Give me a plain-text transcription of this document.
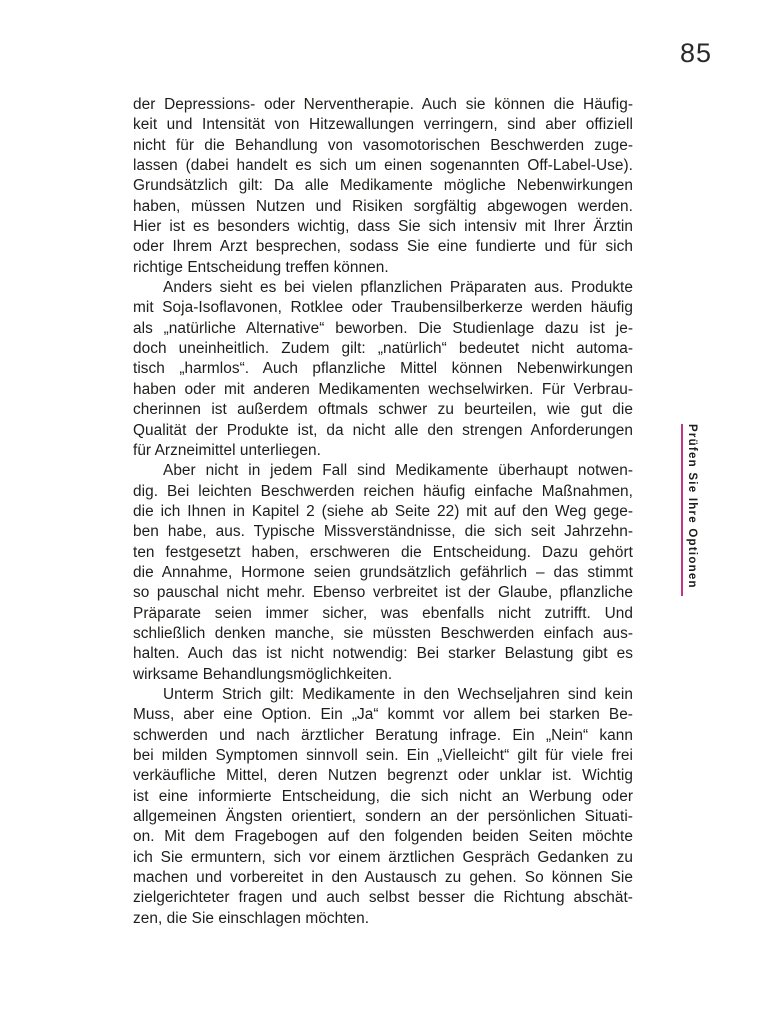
85
der Depressions- oder Nerventherapie. Auch sie können die Häufig-
keit und Intensität von Hitzewallungen verringern, sind aber offiziell
nicht für die Behandlung von vasomotorischen Beschwerden zuge-
lassen (dabei handelt es sich um einen sogenannten Off-Label-Use).
Grundsätzlich gilt: Da alle Medikamente mögliche Nebenwirkungen
haben, müssen Nutzen und Risiken sorgfältig abgewogen werden.
Hier ist es besonders wichtig, dass Sie sich intensiv mit Ihrer Ärztin
oder Ihrem Arzt besprechen, sodass Sie eine fundierte und für sich
richtige Entscheidung treffen können.
Anders sieht es bei vielen pflanzlichen Präparaten aus. Produkte
mit Soja-Isoflavonen, Rotklee oder Traubensilberkerze werden häufig
als „natürliche Alternative“ beworben. Die Studienlage dazu ist je-
doch uneinheitlich. Zudem gilt: „natürlich“ bedeutet nicht automa-
tisch „harmlos“. Auch pflanzliche Mittel können Nebenwirkungen
haben oder mit anderen Medikamenten wechselwirken. Für Verbrau-
cherinnen ist außerdem oftmals schwer zu beurteilen, wie gut die
Qualität der Produkte ist, da nicht alle den strengen Anforderungen
für Arzneimittel unterliegen.
Aber nicht in jedem Fall sind Medikamente überhaupt notwen-
dig. Bei leichten Beschwerden reichen häufig einfache Maßnahmen,
die ich Ihnen in Kapitel 2 (siehe ab Seite 22) mit auf den Weg gege-
ben habe, aus. Typische Missverständnisse, die sich seit Jahrzehn-
ten festgesetzt haben, erschweren die Entscheidung. Dazu gehört
die Annahme, Hormone seien grundsätzlich gefährlich – das stimmt
so pauschal nicht mehr. Ebenso verbreitet ist der Glaube, pflanzliche
Präparate seien immer sicher, was ebenfalls nicht zutrifft. Und
schließlich denken manche, sie müssten Beschwerden einfach aus-
halten. Auch das ist nicht notwendig: Bei starker Belastung gibt es
wirksame Behandlungsmöglichkeiten.
Unterm Strich gilt: Medikamente in den Wechseljahren sind kein
Muss, aber eine Option. Ein „Ja“ kommt vor allem bei starken Be-
schwerden und nach ärztlicher Beratung infrage. Ein „Nein“ kann
bei milden Symptomen sinnvoll sein. Ein „Vielleicht“ gilt für viele frei
verkäufliche Mittel, deren Nutzen begrenzt oder unklar ist. Wichtig
ist eine informierte Entscheidung, die sich nicht an Werbung oder
allgemeinen Ängsten orientiert, sondern an der persönlichen Situati-
on. Mit dem Fragebogen auf den folgenden beiden Seiten möchte
ich Sie ermuntern, sich vor einem ärztlichen Gespräch Gedanken zu
machen und vorbereitet in den Austausch zu gehen. So können Sie
zielgerichteter fragen und auch selbst besser die Richtung abschät-
zen, die Sie einschlagen möchten.
Prüfen Sie Ihre Optionen
